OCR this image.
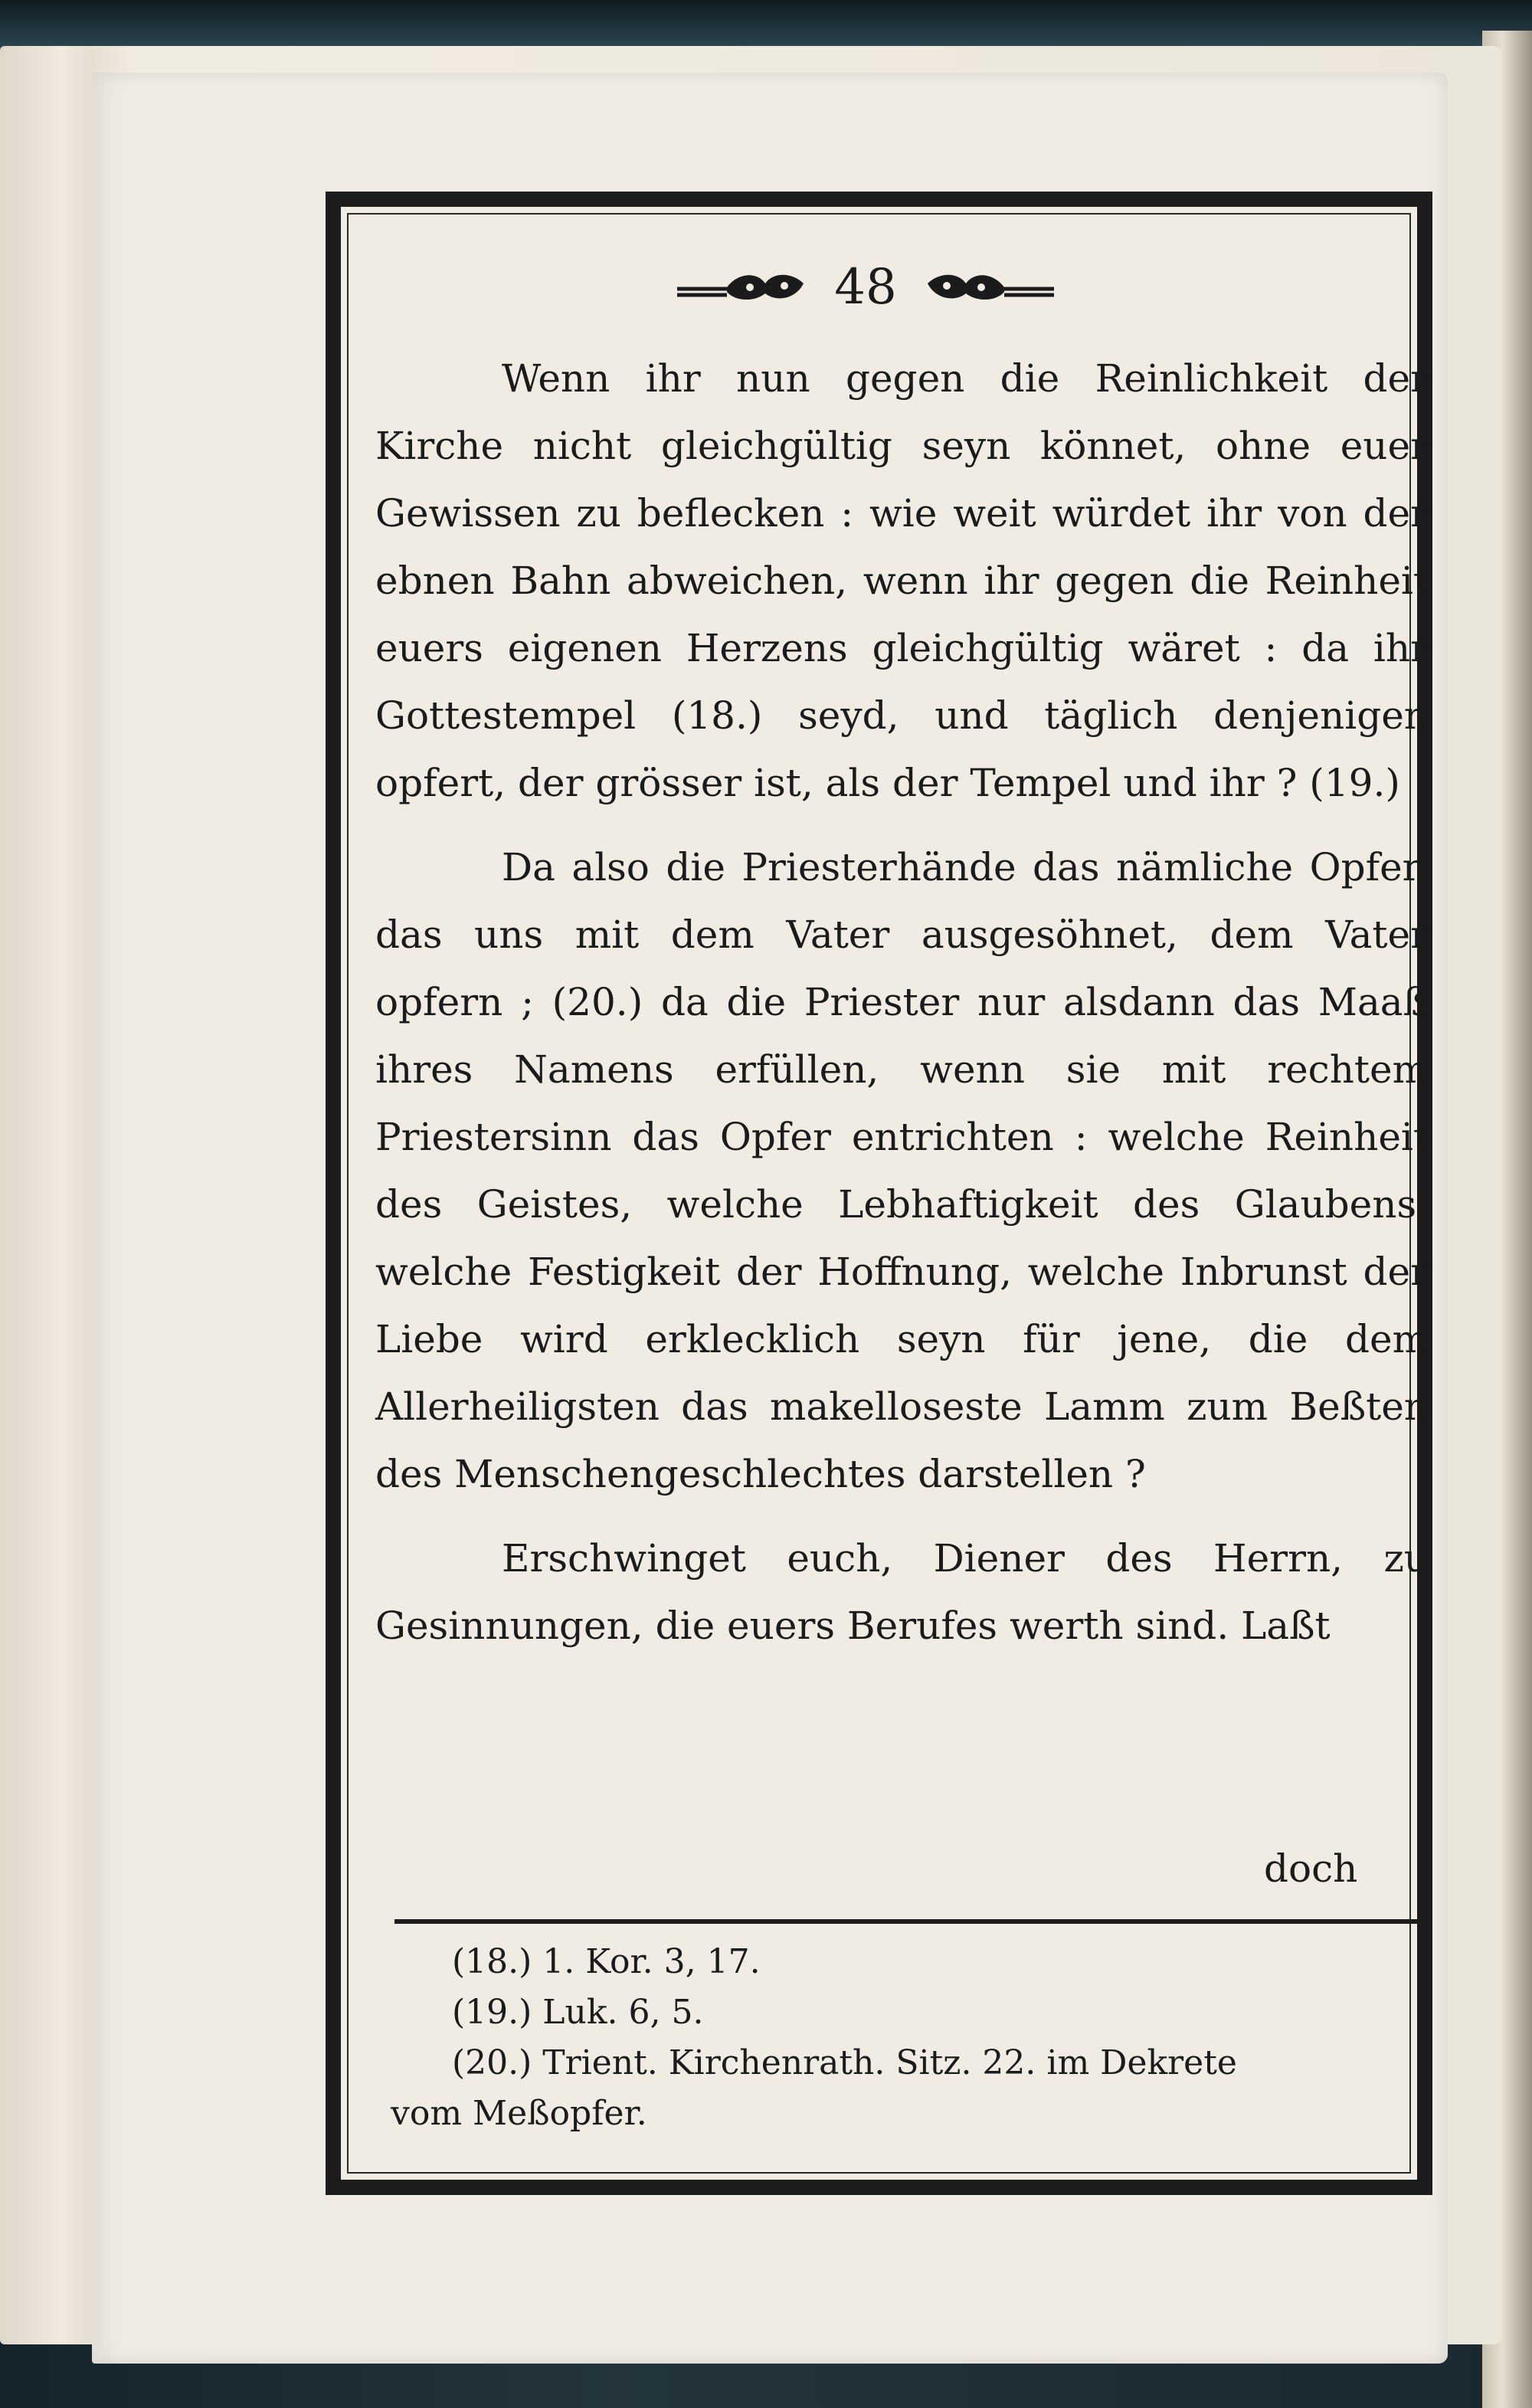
48

Wenn ihr nun gegen die Reinlichkeit der Kirche nicht gleichgültig seyn könnet, ohne euer Gewissen zu beflecken : wie weit würdet ihr von der ebnen Bahn abweichen, wenn ihr gegen die Reinheit euers eigenen Herzens gleichgültig wäret : da ihr Gottestempel (18.) seyd, und täglich denjenigen opfert, der grösser ist, als der Tempel und ihr ? (19.)

Da also die Priesterhände das nämliche Opfer, das uns mit dem Vater ausgesöhnet, dem Vater opfern ; (20.) da die Priester nur alsdann das Maaß ihres Namens erfüllen, wenn sie mit rechtem Priestersinn das Opfer entrichten : welche Reinheit des Geistes, welche Lebhaftigkeit des Glaubens, welche Festigkeit der Hoffnung, welche Inbrunst der Liebe wird erklecklich seyn für jene, die dem Allerheiligsten das makelloseste Lamm zum Beßten des Menschengeschlechtes darstellen ?

Erschwinget euch, Diener des Herrn, zu Gesinnungen, die euers Berufes werth sind. Laßt

doch

(18.) 1. Kor. 3, 17.

(19.) Luk. 6, 5.

(20.) Trient. Kirchenrath. Sitz. 22. im Dekrete

vom Meßopfer.
